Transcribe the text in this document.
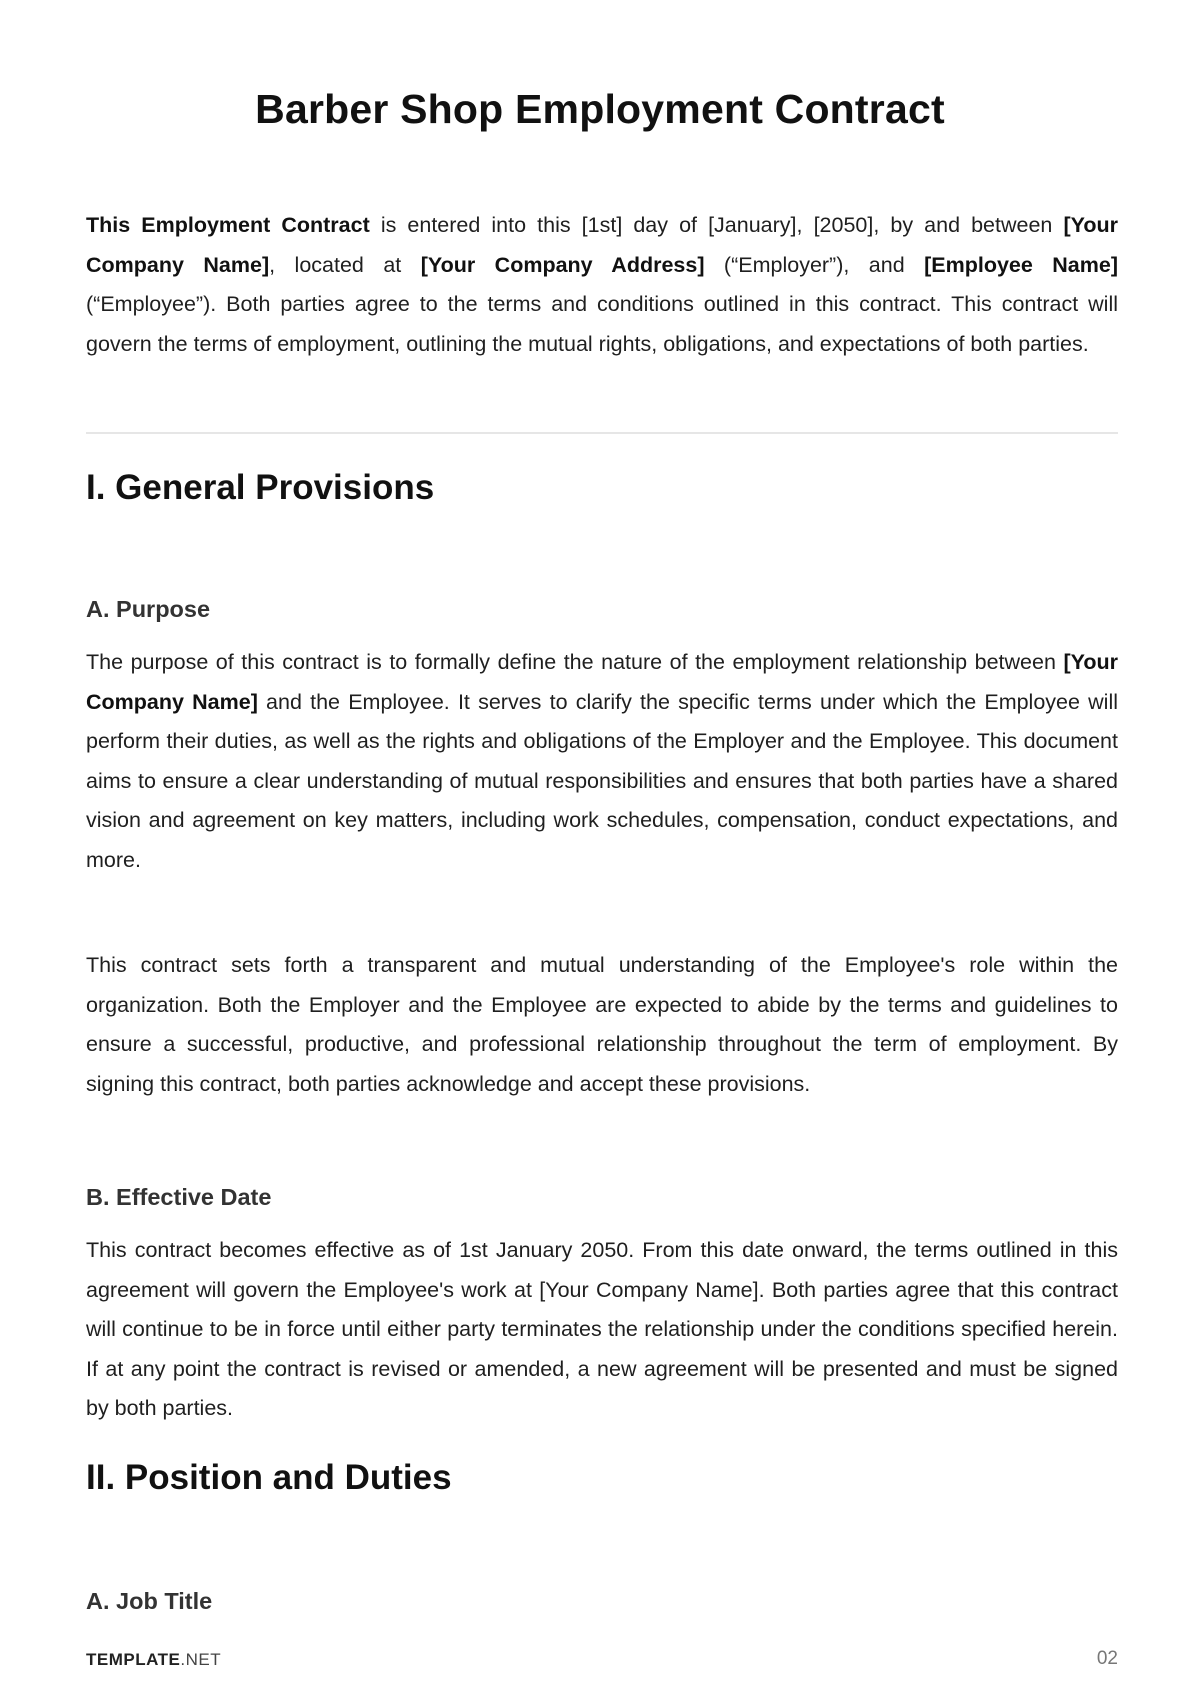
Barber Shop Employment Contract

This Employment Contract is entered into this [1st] day of [January], [2050], by and between [Your Company Name], located at [Your Company Address] (“Employer”), and [Employee Name] (“Employee”). Both parties agree to the terms and conditions outlined in this contract. This contract will govern the terms of employment, outlining the mutual rights, obligations, and expectations of both parties.

I. General Provisions
A. Purpose

The purpose of this contract is to formally define the nature of the employment relationship between [Your Company Name] and the Employee. It serves to clarify the specific terms under which the Employee will perform their duties, as well as the rights and obligations of the Employer and the Employee. This document aims to ensure a clear understanding of mutual responsibilities and ensures that both parties have a shared vision and agreement on key matters, including work schedules, compensation, conduct expectations, and more.

This contract sets forth a transparent and mutual understanding of the Employee's role within the organization. Both the Employer and the Employee are expected to abide by the terms and guidelines to ensure a successful, productive, and professional relationship throughout the term of employment. By signing this contract, both parties acknowledge and accept these provisions.

B. Effective Date

This contract becomes effective as of 1st January 2050. From this date onward, the terms outlined in this agreement will govern the Employee's work at [Your Company Name]. Both parties agree that this contract will continue to be in force until either party terminates the relationship under the conditions specified herein. If at any point the contract is revised or amended, a new agreement will be presented and must be signed by both parties.

II. Position and Duties
A. Job Title
TEMPLATE.NET	02
